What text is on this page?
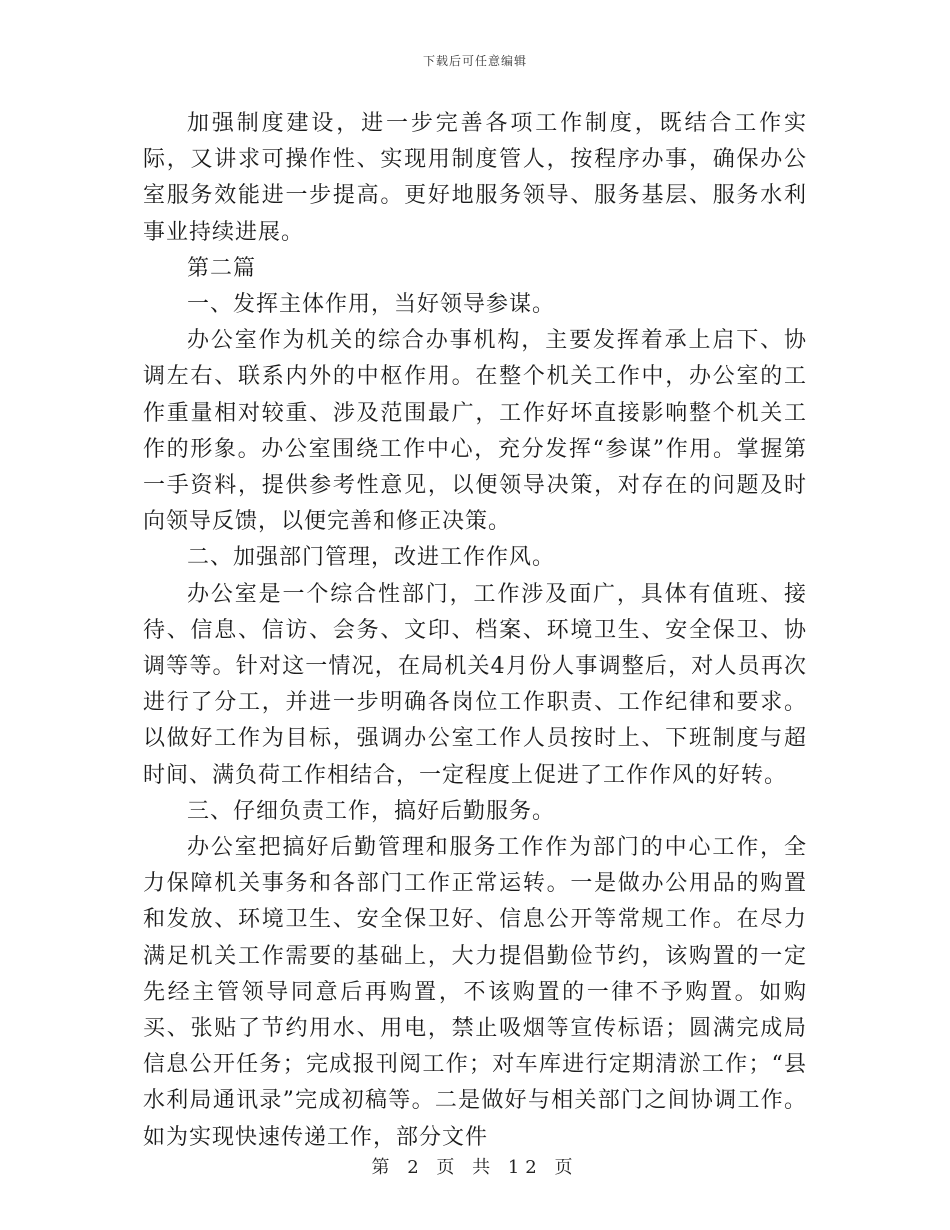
下载后可任意编辑

加强制度建设，进一步完善各项工作制度，既结合工作实际，又讲求可操作性、实现用制度管人，按程序办事，确保办公室服务效能进一步提高。更好地服务领导、服务基层、服务水利事业持续进展。

第二篇

一、发挥主体作用，当好领导参谋。

办公室作为机关的综合办事机构，主要发挥着承上启下、协调左右、联系内外的中枢作用。在整个机关工作中，办公室的工作重量相对较重、涉及范围最广，工作好坏直接影响整个机关工作的形象。办公室围绕工作中心，充分发挥“参谋”作用。掌握第一手资料，提供参考性意见，以便领导决策，对存在的问题及时向领导反馈，以便完善和修正决策。

二、加强部门管理，改进工作作风。

办公室是一个综合性部门，工作涉及面广，具体有值班、接待、信息、信访、会务、文印、档案、环境卫生、安全保卫、协调等等。针对这一情况，在局机关4月份人事调整后，对人员再次进行了分工，并进一步明确各岗位工作职责、工作纪律和要求。以做好工作为目标，强调办公室工作人员按时上、下班制度与超时间、满负荷工作相结合，一定程度上促进了工作作风的好转。

三、仔细负责工作，搞好后勤服务。

办公室把搞好后勤管理和服务工作作为部门的中心工作，全力保障机关事务和各部门工作正常运转。一是做办公用品的购置和发放、环境卫生、安全保卫好、信息公开等常规工作。在尽力满足机关工作需要的基础上，大力提倡勤俭节约，该购置的一定先经主管领导同意后再购置，不该购置的一律不予购置。如购买、张贴了节约用水、用电，禁止吸烟等宣传标语；圆满完成局信息公开任务；完成报刊阅工作；对车库进行定期清淤工作；“县水利局通讯录”完成初稿等。二是做好与相关部门之间协调工作。如为实现快速传递工作，部分文件

第 2 页 共 12 页
